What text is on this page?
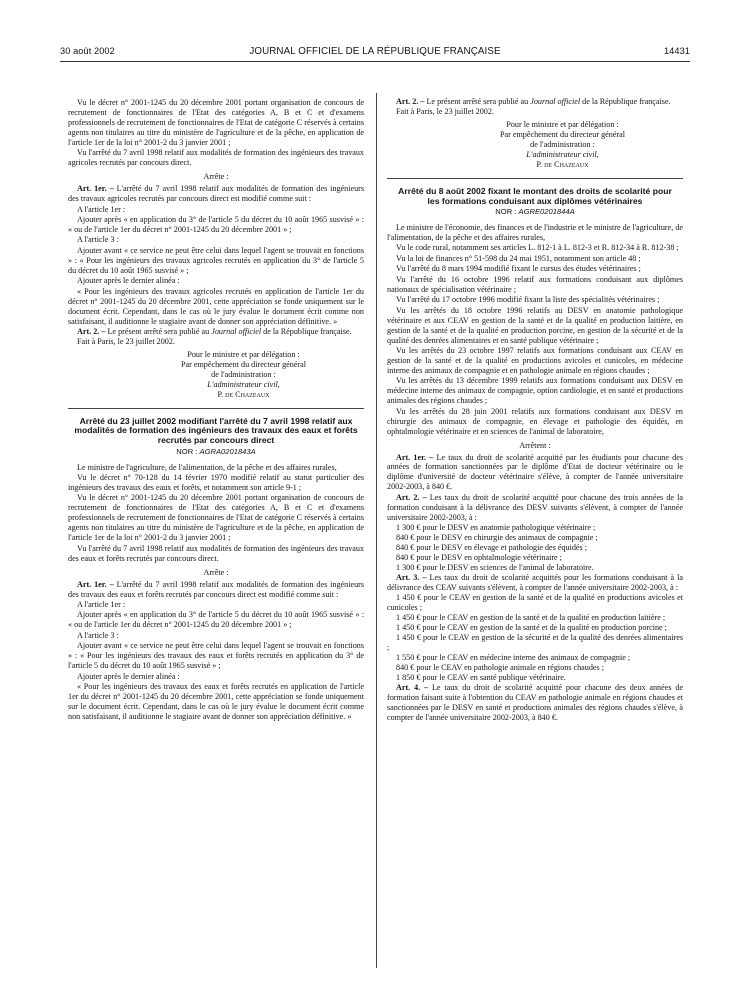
30 août 2002	JOURNAL OFFICIEL DE LA RÉPUBLIQUE FRANÇAISE	14431

Vu le décret n° 2001-1245 du 20 décembre 2001 portant organisation de concours de recrutement de fonctionnaires de l'Etat des catégories A, B et C et d'examens professionnels de recrutement de fonctionnaires de l'Etat de catégorie C réservés à certains agents non titulaires au titre du ministère de l'agriculture et de la pêche, en application de l'article 1er de la loi n° 2001-2 du 3 janvier 2001 ;

Vu l'arrêté du 7 avril 1998 relatif aux modalités de formation des ingénieurs des travaux agricoles recrutés par concours direct.

Arrête :

Art. 1er. – L'arrêté du 7 avril 1998 relatif aux modalités de formation des ingénieurs des travaux agricoles recrutés par concours direct est modifié comme suit :

A l'article 1er :

Ajouter après « en application du 3° de l'article 5 du décret du 10 août 1965 susvisé » : « ou de l'article 1er du décret n° 2001-1245 du 20 décembre 2001 » ;

A l'article 3 :

Ajouter avant « ce service ne peut être celui dans lequel l'agent se trouvait en fonctions » : « Pour les ingénieurs des travaux agricoles recrutés en application du 3° de l'article 5 du décret du 10 août 1965 susvisé » ;

Ajouter après le dernier alinéa :

« Pour les ingénieurs des travaux agricoles recrutés en application de l'article 1er du décret n° 2001-1245 du 20 décembre 2001, cette appréciation se fonde uniquement sur le document écrit. Cependant, dans le cas où le jury évalue le document écrit comme non satisfaisant, il auditionne le stagiaire avant de donner son appréciation définitive. »

Art. 2. – Le présent arrêté sera publié au Journal officiel de la République française.

Fait à Paris, le 23 juillet 2002.

Pour le ministre et par délégation :

Par empêchement du directeur général

de l'administration :

L'administrateur civil,

P. de Chazeaux

Arrêté du 23 juillet 2002 modifiant l'arrêté du 7 avril 1998 relatif aux modalités de formation des ingénieurs des travaux des eaux et forêts recrutés par concours direct

NOR : AGRA0201843A

Le ministre de l'agriculture, de l'alimentation, de la pêche et des affaires rurales,

Vu le décret n° 70-128 du 14 février 1970 modifié relatif au statut particulier des ingénieurs des travaux des eaux et forêts, et notamment son article 9-1 ;

Vu le décret n° 2001-1245 du 20 décembre 2001 portant organisation de concours de recrutement de fonctionnaires de l'Etat des catégories A, B et C et d'examens professionnels de recrutement de fonctionnaires de l'Etat de catégorie C réservés à certains agents non titulaires au titre du ministère de l'agriculture et de la pêche, en application de l'article 1er de la loi n° 2001-2 du 3 janvier 2001 ;

Vu l'arrêté du 7 avril 1998 relatif aux modalités de formation des ingénieurs des travaux des eaux et forêts recrutés par concours direct.

Arrête :

Art. 1er. – L'arrêté du 7 avril 1998 relatif aux modalités de formation des ingénieurs des travaux des eaux et forêts recrutés par concours direct est modifié comme suit :

A l'article 1er :

Ajouter après « en application du 3° de l'article 5 du décret du 10 août 1965 susvisé » : « ou de l'article 1er du décret n° 2001-1245 du 20 décembre 2001 » ;

A l'article 3 :

Ajouter avant « ce service ne peut être celui dans lequel l'agent se trouvait en fonctions » : « Pour les ingénieurs des travaux des eaux et forêts recrutés en application du 3° de l'article 5 du décret du 10 août 1965 susvisé » ;

Ajouter après le dernier alinéa :

« Pour les ingénieurs des travaux des eaux et forêts recrutés en application de l'article 1er du décret n° 2001-1245 du 20 décembre 2001, cette appréciation se fonde uniquement sur le document écrit. Cependant, dans le cas où le jury évalue le document écrit comme non satisfaisant, il auditionne le stagiaire avant de donner son appréciation définitive. »

Art. 2. – Le présent arrêté sera publié au Journal officiel de la République française.

Fait à Paris, le 23 juillet 2002.

Pour le ministre et par délégation :

Par empêchement du directeur général

de l'administration :

L'administrateur civil,

P. de Chazeaux

Arrêté du 8 août 2002 fixant le montant des droits de scolarité pour les formations conduisant aux diplômes vétérinaires

NOR : AGRE0201844A

Le ministre de l'économie, des finances et de l'industrie et le ministre de l'agriculture, de l'alimentation, de la pêche et des affaires rurales,

Vu le code rural, notamment ses articles L. 812-1 à L. 812-3 et R. 812-34 à R. 812-38 ;

Vu la loi de finances n° 51-598 du 24 mai 1951, notamment son article 48 ;

Vu l'arrêté du 8 mars 1994 modifié fixant le cursus des études vétérinaires ;

Vu l'arrêté du 16 octobre 1996 relatif aux formations conduisant aux diplômes nationaux de spécialisation vétérinaire ;

Vu l'arrêté du 17 octobre 1996 modifié fixant la liste des spécialités vétérinaires ;

Vu les arrêtés du 18 octobre 1996 relatifs au DESV en anatomie pathologique vétérinaire et aux CEAV en gestion de la santé et de la qualité en production laitière, en gestion de la santé et de la qualité en production porcine, en gestion de la sécurité et de la qualité des denrées alimentaires et en santé publique vétérinaire ;

Vu les arrêtés du 23 octobre 1997 relatifs aux formations conduisant aux CEAV en gestion de la santé et de la qualité en productions avicoles et cunicoles, en médecine interne des animaux de compagnie et en pathologie animale en régions chaudes ;

Vu les arrêtés du 13 décembre 1999 relatifs aux formations conduisant aux DESV en médecine interne des animaux de compagnie, option cardiologie, et en santé et productions animales des régions chaudes ;

Vu les arrêtés du 28 juin 2001 relatifs aux formations conduisant aux DESV en chirurgie des animaux de compagnie, en élevage et pathologie des équidés, en ophtalmologie vétérinaire et en sciences de l'animal de laboratoire,

Arrêtent :

Art. 1er. – Le taux du droit de scolarité acquitté par les étudiants pour chacune des années de formation sanctionnées par le diplôme d'Etat de docteur vétérinaire ou le diplôme d'université de docteur vétérinaire s'élève, à compter de l'année universitaire 2002-2003, à 840 €.

Art. 2. – Les taux du droit de scolarité acquitté pour chacune des trois années de la formation conduisant à la délivrance des DESV suivants s'élèvent, à compter de l'année universitaire 2002-2003, à :

1 300 € pour le DESV en anatomie pathologique vétérinaire ;

840 € pour le DESV en chirurgie des animaux de compagnie ;

840 € pour le DESV en élevage et pathologie des équidés ;

840 € pour le DESV en ophtalmologie vétérinaire ;

1 300 € pour le DESV en sciences de l'animal de laboratoire.

Art. 3. – Les taux du droit de scolarité acquittés pour les formations conduisant à la délivrance des CEAV suivants s'élèvent, à compter de l'année universitaire 2002-2003, à :

1 450 € pour le CEAV en gestion de la santé et de la qualité en productions avicoles et cunicoles ;

1 450 € pour le CEAV en gestion de la santé et de la qualité en production laitière ;

1 450 € pour le CEAV en gestion de la santé et de la qualité en production porcine ;

1 450 € pour le CEAV en gestion de la sécurité et de la qualité des denrées alimentaires ;

1 550 € pour le CEAV en médecine interne des animaux de compagnie ;

840 € pour le CEAV en pathologie animale en régions chaudes ;

1 850 € pour le CEAV en santé publique vétérinaire.

Art. 4. – Le taux du droit de scolarité acquitté pour chacune des deux années de formation faisant suite à l'obtention du CEAV en pathologie animale en régions chaudes et sanctionnées par le DESV en santé et productions animales des régions chaudes s'élève, à compter de l'année universitaire 2002-2003, à 840 €.
